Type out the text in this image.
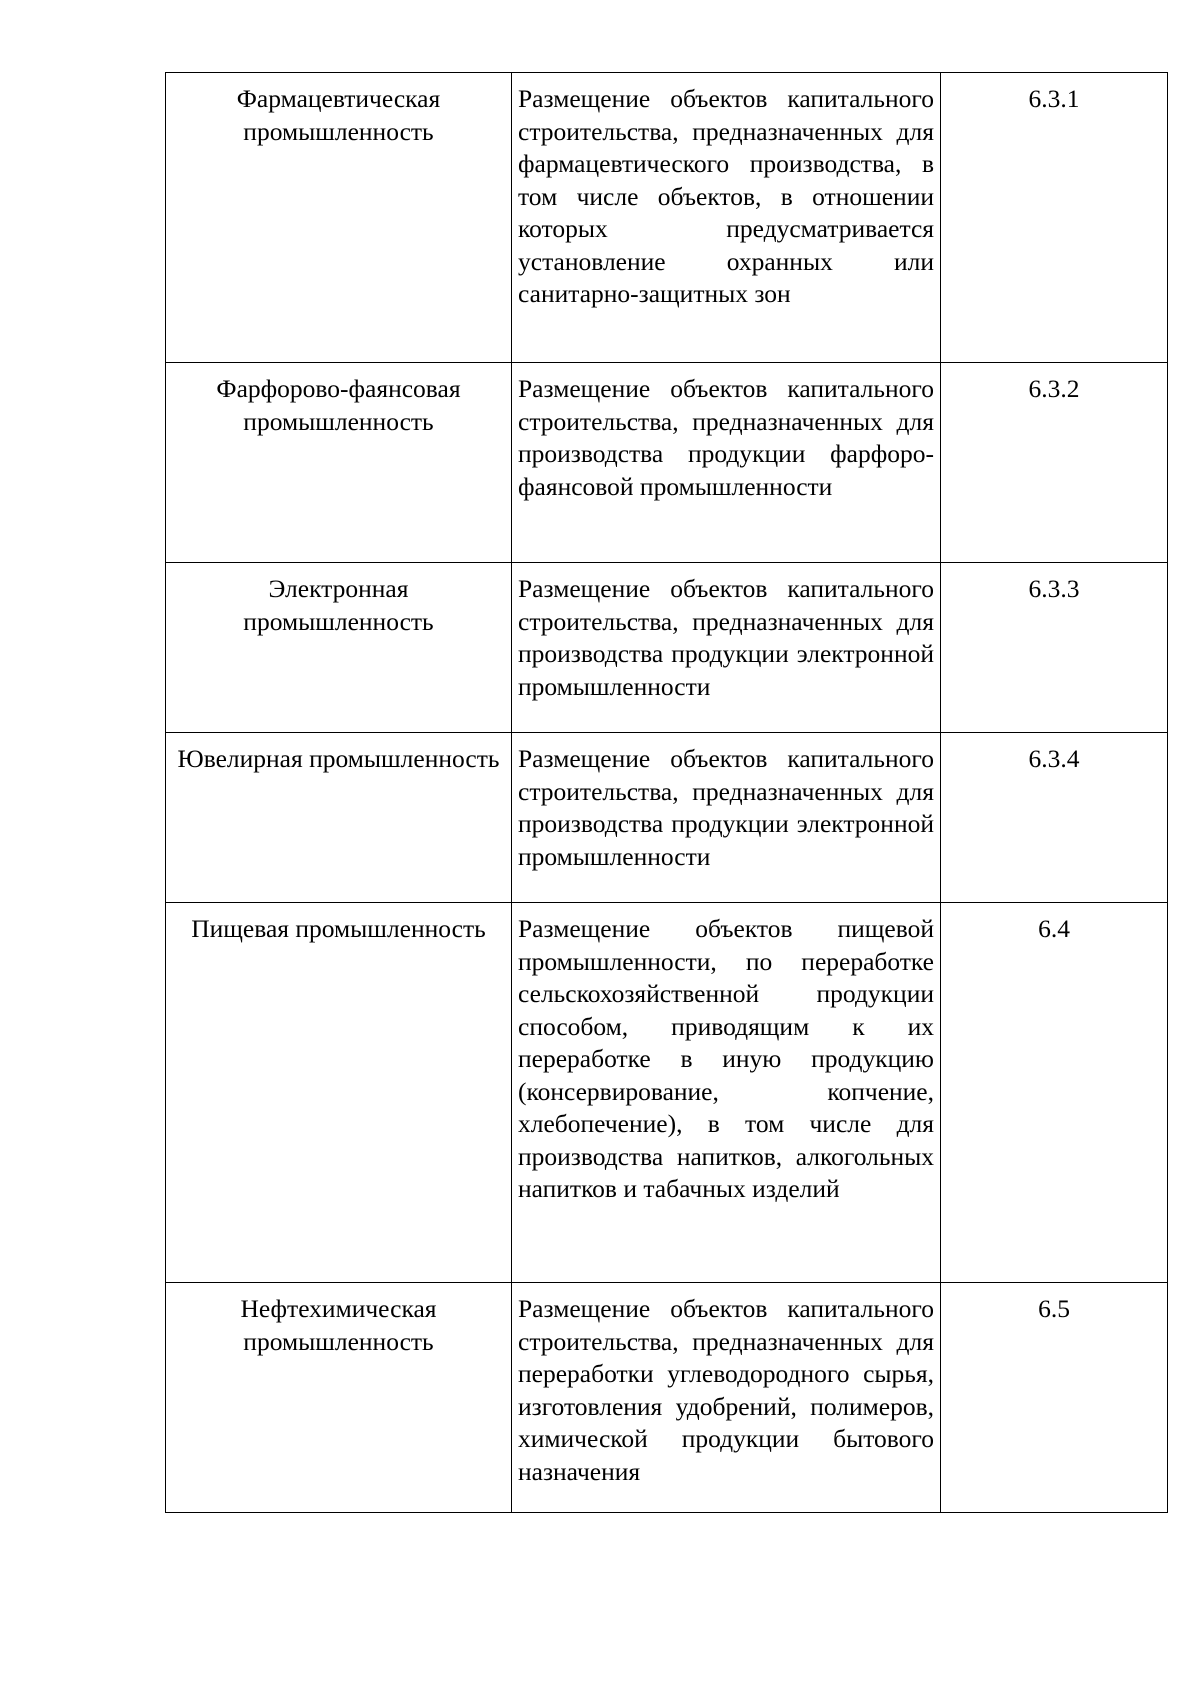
Фармацевтическая промышленность	Размещение объектов капитального строительства, предназначенных для фармацевтического производства, в том числе объектов, в отношении которых предусматривается установление охранных или санитарно-защитных зон	6.3.1

Фарфорово-фаянсовая промышленность	Размещение объектов капитального строительства, предназначенных для производства продукции фарфоро-фаянсовой промышленности	6.3.2

Электронная промышленность	Размещение объектов капитального строительства, предназначенных для производства продукции электронной промышленности	6.3.3

Ювелирная промышленность	Размещение объектов капитального строительства, предназначенных для производства продукции электронной промышленности	6.3.4

Пищевая промышленность	Размещение объектов пищевой промышленности, по переработке сельскохозяйственной продукции способом, приводящим к их переработке в иную продукцию (консервирование, копчение, хлебопечение), в том числе для производства напитков, алкогольных напитков и табачных изделий	6.4

Нефтехимическая промышленность	Размещение объектов капитального строительства, предназначенных для переработки углеводородного сырья, изготовления удобрений, полимеров, химической продукции бытового назначения	6.5
